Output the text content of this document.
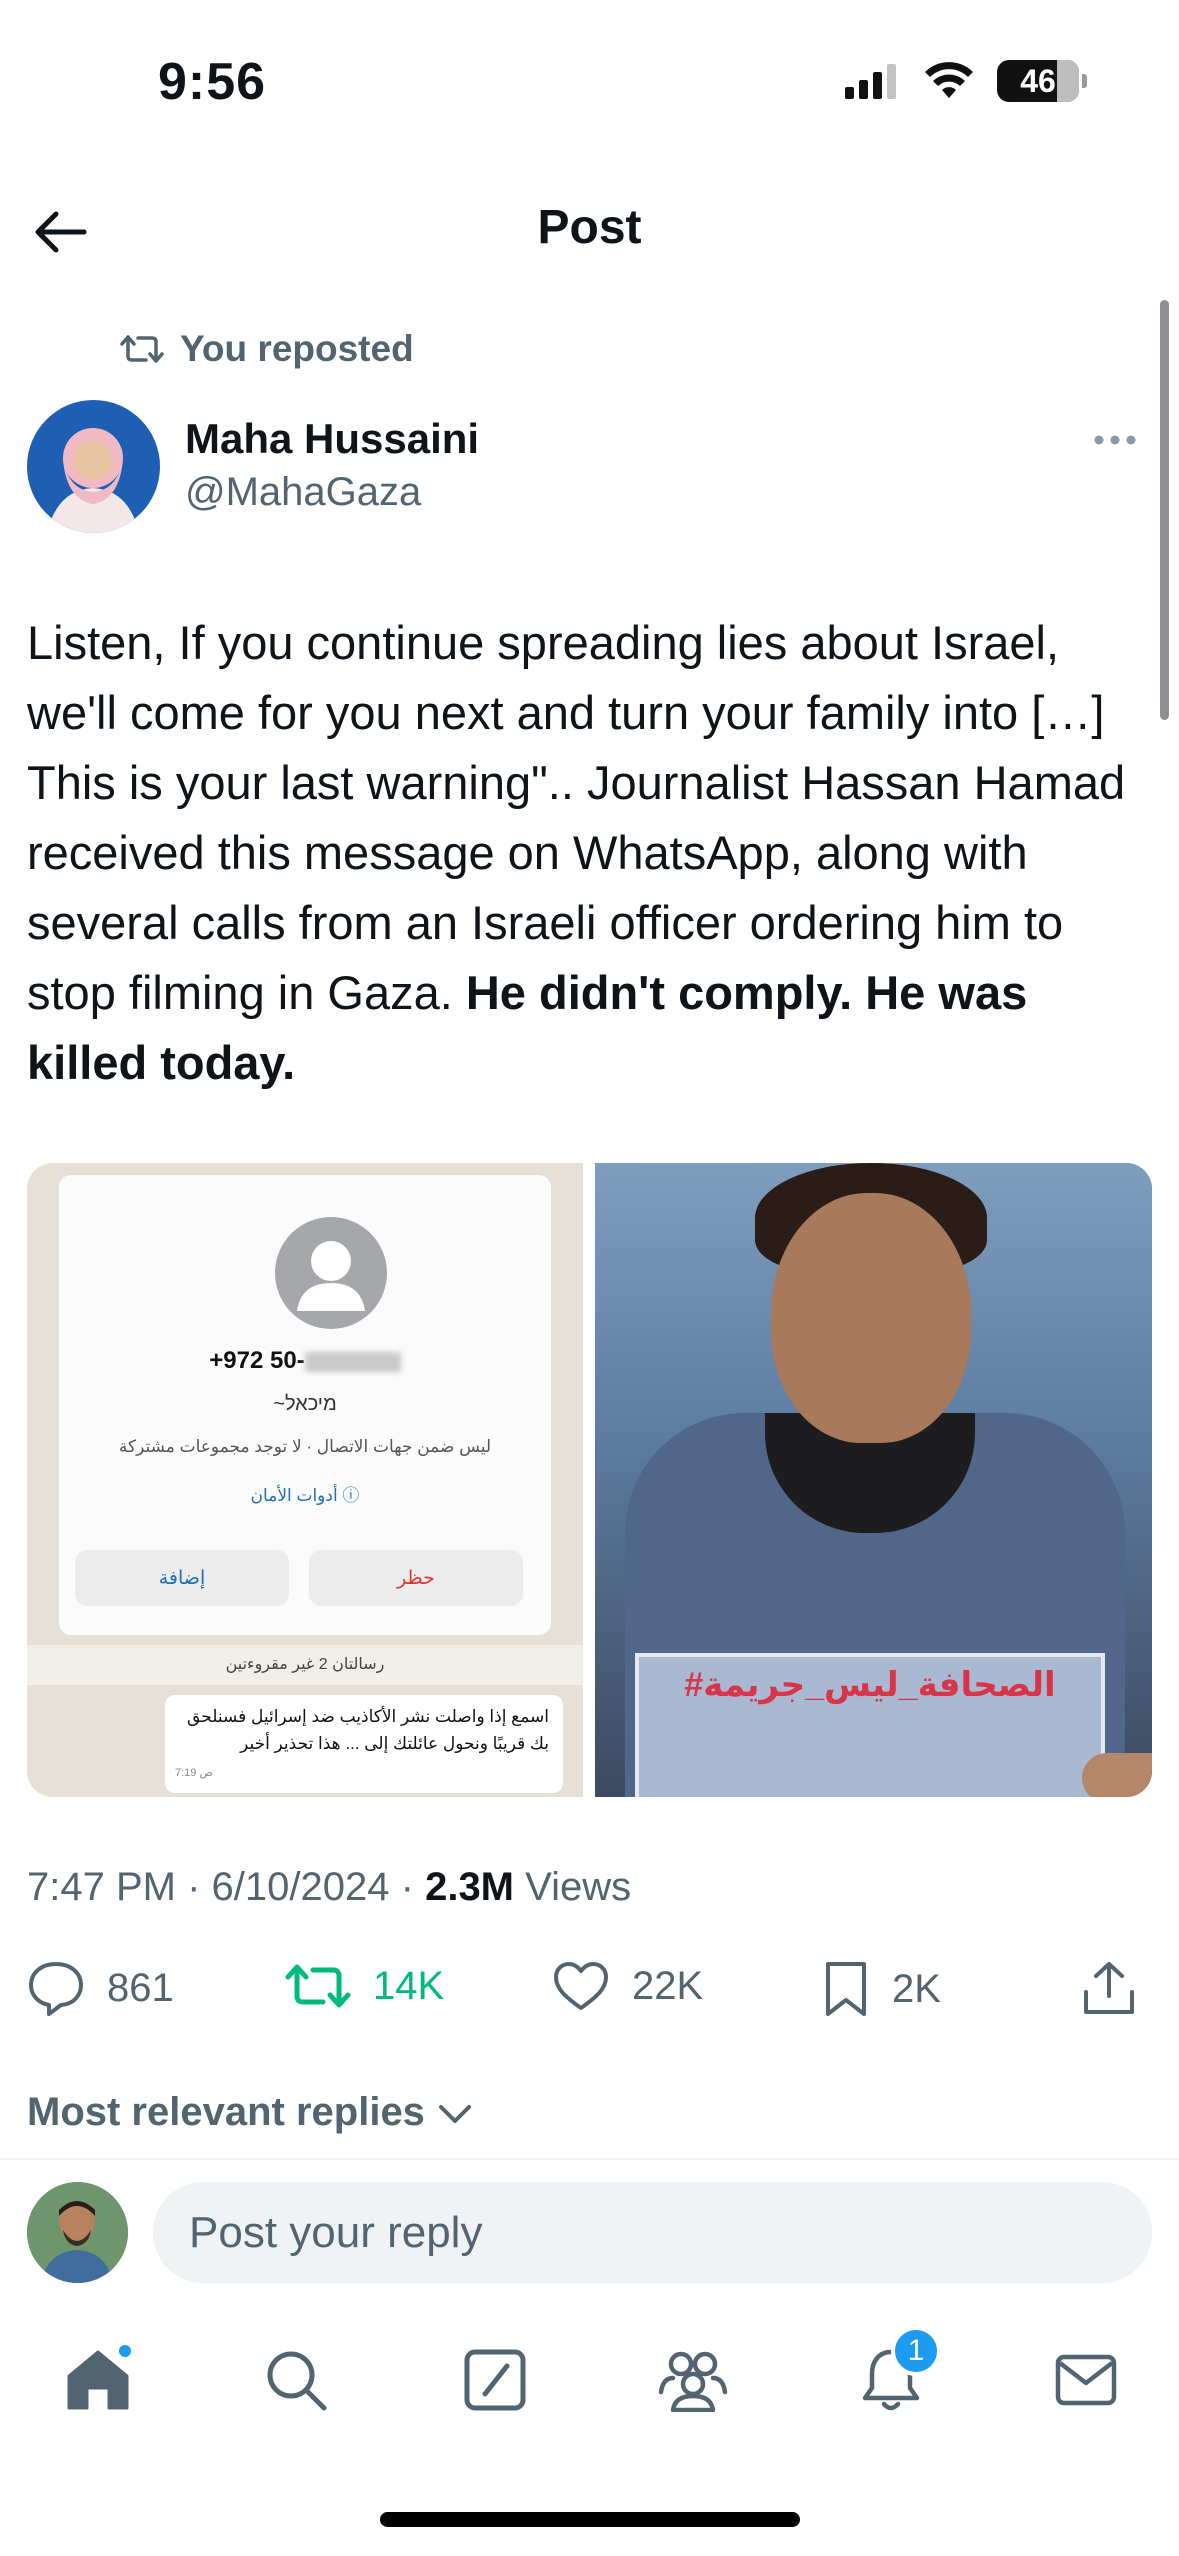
9:56	46
Post
You reposted
Maha Hussaini
@MahaGaza
Listen, If you continue spreading lies about Israel, we'll come for you next and turn your family into […] This is your last warning".. Journalist Hassan Hamad received this message on WhatsApp, along with several calls from an Israeli officer ordering him to stop filming in Gaza. He didn't comply. He was killed today.
+972 50-
~מיכאל
ليس ضمن جهات الاتصال · لا توجد مجموعات مشتركة
أدوات الأمان ⓘ
إضافة	حظر
رسالتان 2 غير مقروءتين
اسمع إذا واصلت نشر الأكاذيب ضد إسرائيل فسنلحق بك قريبًا ونحول عائلتك إلى ... هذا تحذير أخير
7:19 ص
#الصحافة_ليس_جريمة
7:47 PM · 6/10/2024 · 2.3M Views
861	14K	22K	2K
Most relevant replies
Post your reply
1
